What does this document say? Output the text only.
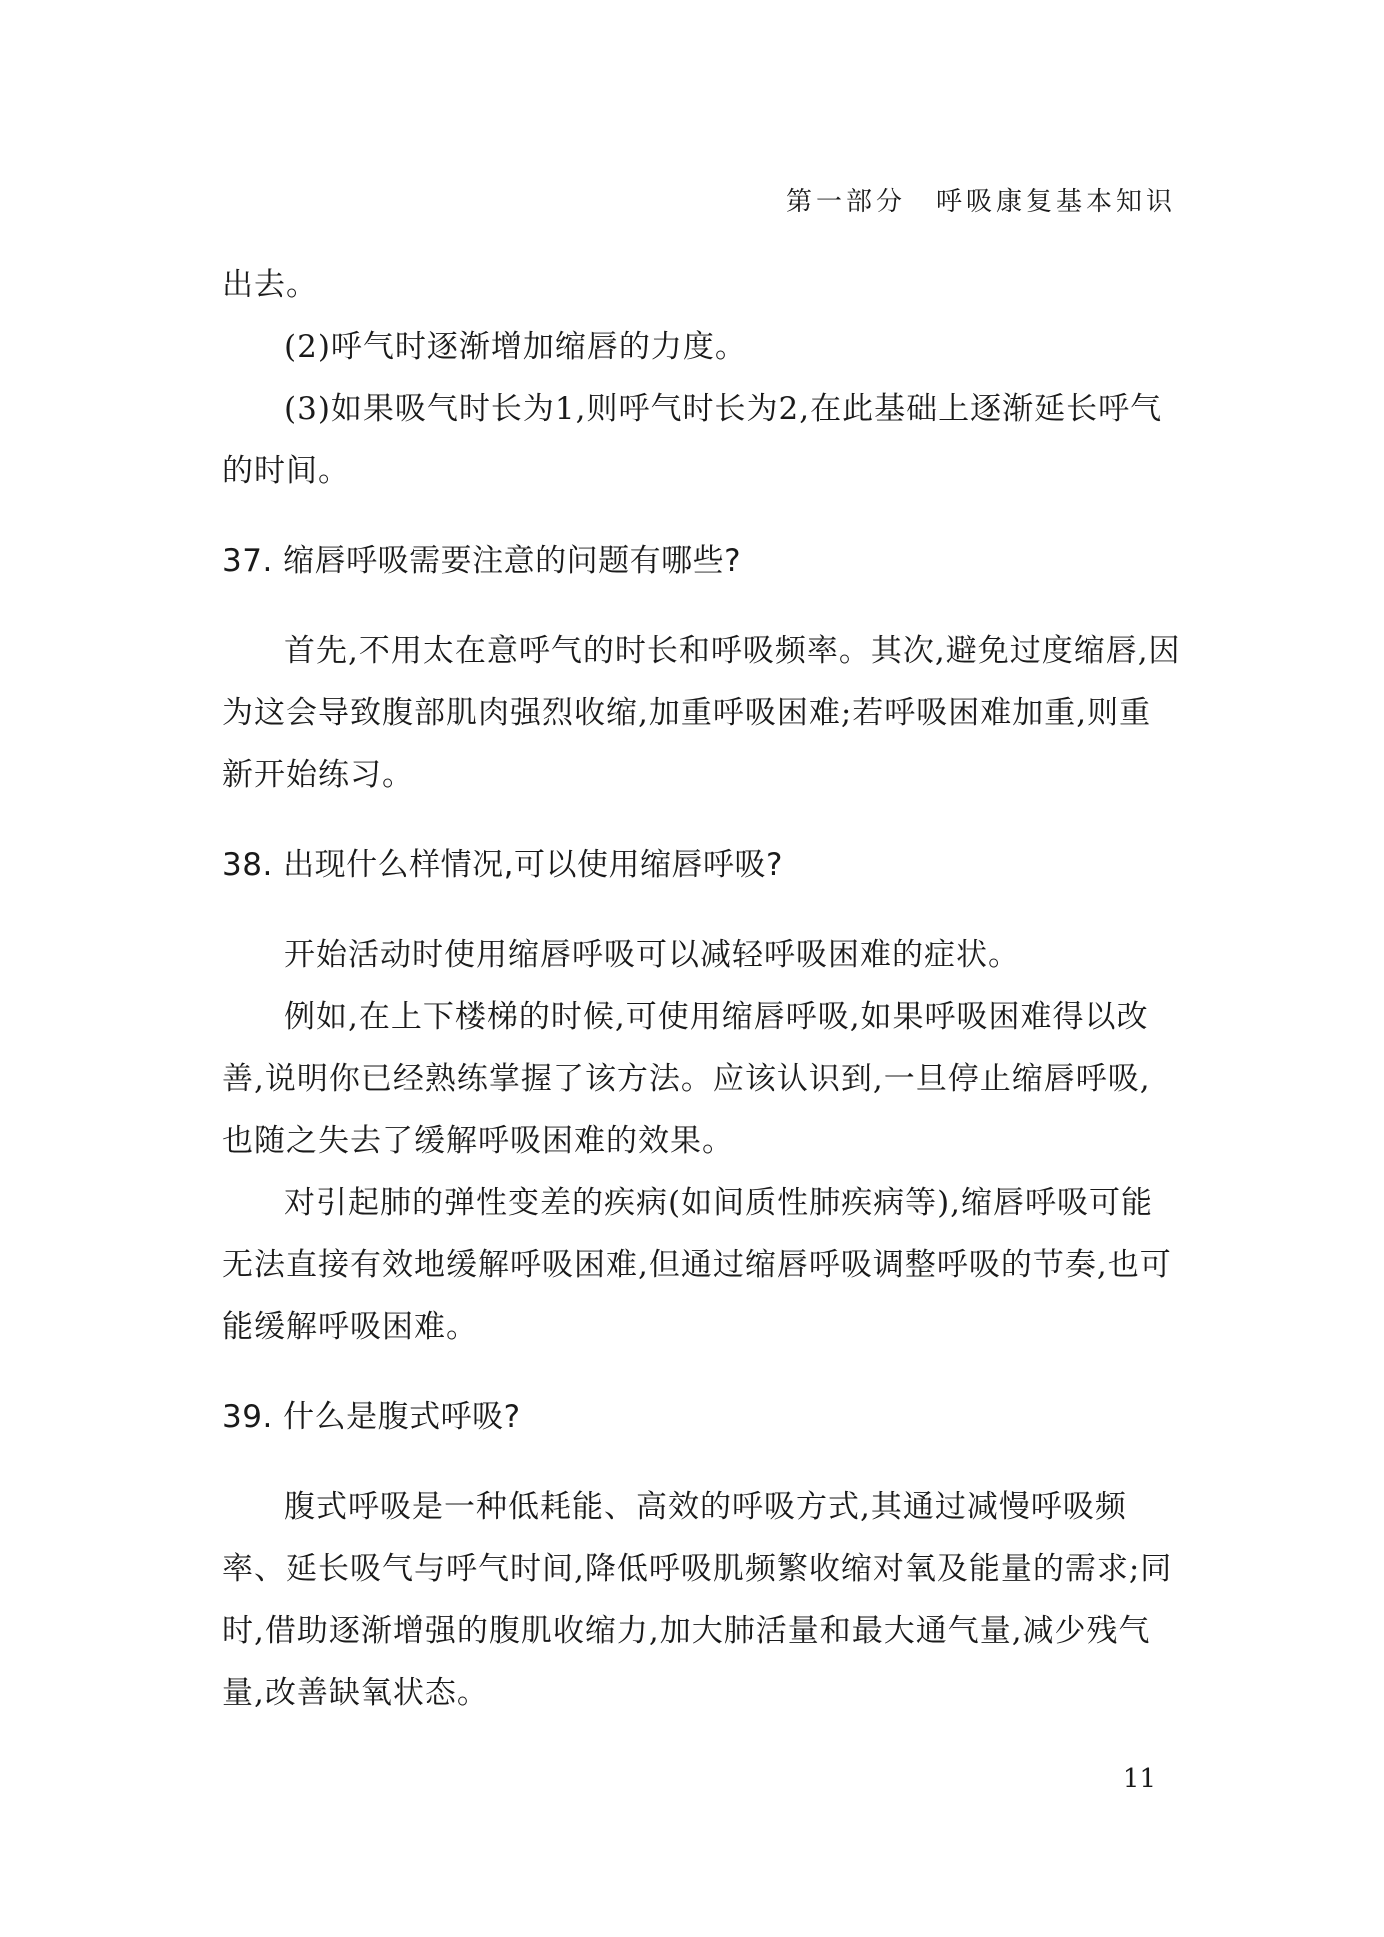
第一部分　呼吸康复基本知识

出去。

(2)呼气时逐渐增加缩唇的力度。

(3)如果吸气时长为1,则呼气时长为2,在此基础上逐渐延长呼气的时间。

37. 缩唇呼吸需要注意的问题有哪些?

首先,不用太在意呼气的时长和呼吸频率。其次,避免过度缩唇,因为这会导致腹部肌肉强烈收缩,加重呼吸困难;若呼吸困难加重,则重新开始练习。

38. 出现什么样情况,可以使用缩唇呼吸?

开始活动时使用缩唇呼吸可以减轻呼吸困难的症状。

例如,在上下楼梯的时候,可使用缩唇呼吸,如果呼吸困难得以改善,说明你已经熟练掌握了该方法。应该认识到,一旦停止缩唇呼吸,也随之失去了缓解呼吸困难的效果。

对引起肺的弹性变差的疾病(如间质性肺疾病等),缩唇呼吸可能无法直接有效地缓解呼吸困难,但通过缩唇呼吸调整呼吸的节奏,也可能缓解呼吸困难。

39. 什么是腹式呼吸?

腹式呼吸是一种低耗能、高效的呼吸方式,其通过减慢呼吸频率、延长吸气与呼气时间,降低呼吸肌频繁收缩对氧及能量的需求;同时,借助逐渐增强的腹肌收缩力,加大肺活量和最大通气量,减少残气量,改善缺氧状态。

11
